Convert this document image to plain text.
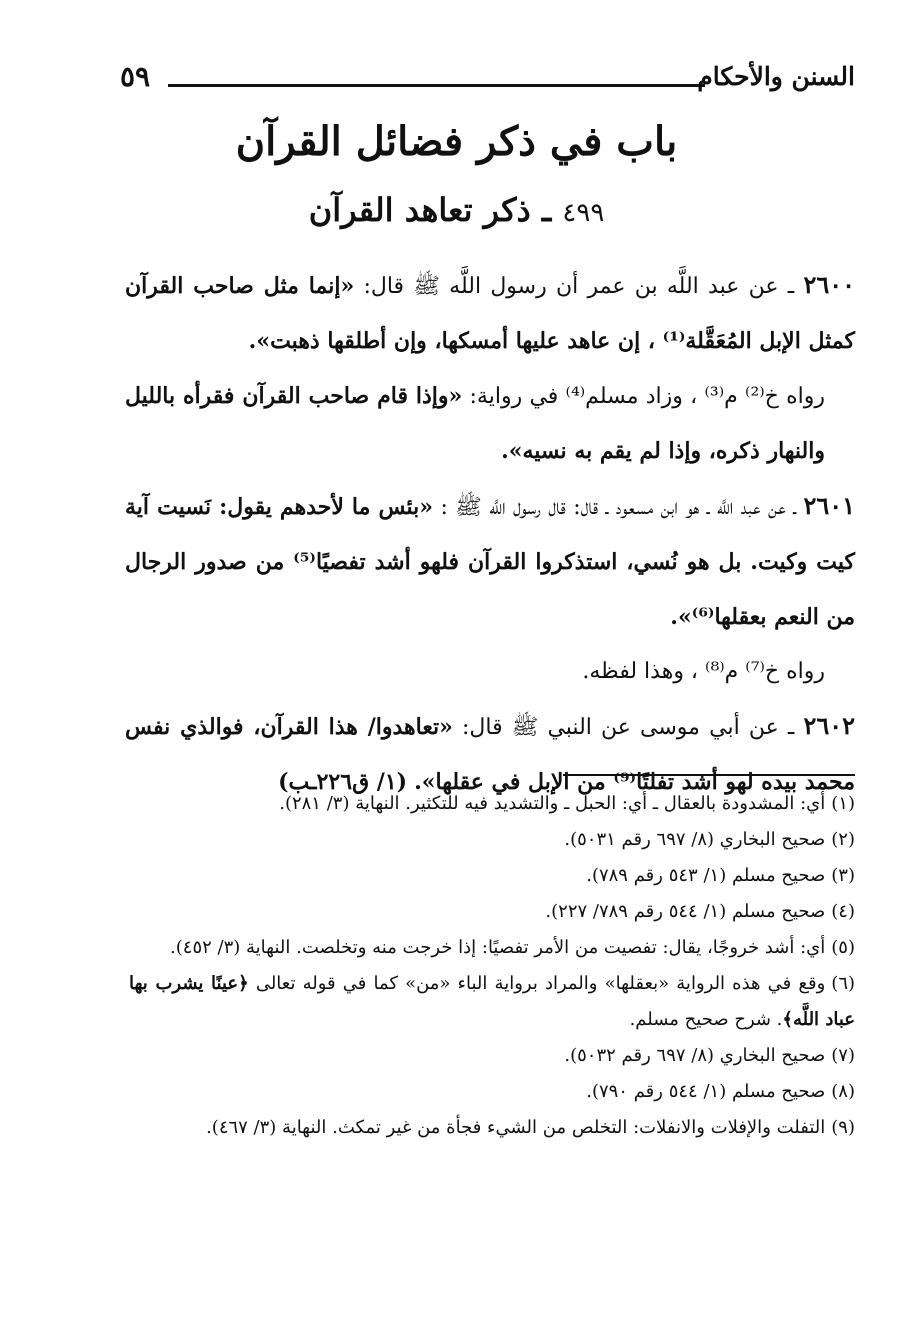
السنن والأحكام
٥٩
باب في ذكر فضائل القرآن
٤٩٩ ـ ذكر تعاهد القرآن

٢٦٠٠ ـ عن عبد اللَّه بن عمر أن رسول اللَّه ﷺ قال: «إنما مثل صاحب القرآن كمثل الإبل المُعَقَّلة⁽¹⁾ ، إن عاهد عليها أمسكها، وإن أطلقها ذهبت».

رواه خ⁽²⁾ م⁽³⁾ ، وزاد مسلم⁽⁴⁾ في رواية: «وإذا قام صاحب القرآن فقرأه بالليل والنهار ذكره، وإذا لم يقم به نسيه».

٢٦٠١ ـ عن عبد اللَّه ـ هو ابن مسعود ـ قال: قال رسول اللَّه ﷺ : «بئس ما لأحدهم يقول: نَسيت آية كيت وكيت. بل هو نُسي، استذكروا القرآن فلهو أشد تفصيًا⁽⁵⁾ من صدور الرجال من النعم بعقلها⁽⁶⁾».

رواه خ⁽⁷⁾ م⁽⁸⁾ ، وهذا لفظه.

٢٦٠٢ ـ عن أبي موسى عن النبي ﷺ قال: «تعاهدوا/ هذا القرآن، فوالذي نفس محمد بيده لهو أشد تفلتًا⁽⁹⁾ من الإبل في عقلها». (١/ ق٢٢٦ـب)

(١)أي: المشدودة بالعقال ـ أي: الحبل ـ والتشديد فيه للتكثير. النهاية (٣/ ٢٨١).

(٢)صحيح البخاري (٨/ ٦٩٧ رقم ٥٠٣١).

(٣)صحيح مسلم (١/ ٥٤٣ رقم ٧٨٩).

(٤)صحيح مسلم (١/ ٥٤٤ رقم ٧٨٩/ ٢٢٧).

(٥)أي: أشد خروجًا، يقال: تفصيت من الأمر تفصيًا: إذا خرجت منه وتخلصت. النهاية (٣/ ٤٥٢).

(٦)وقع في هذه الرواية «بعقلها» والمراد برواية الباء «من» كما في قوله تعالى ﴿عينًا يشرب بها عباد اللَّه﴾. شرح صحيح مسلم.

(٧)صحيح البخاري (٨/ ٦٩٧ رقم ٥٠٣٢).

(٨)صحيح مسلم (١/ ٥٤٤ رقم ٧٩٠).

(٩)التفلت والإفلات والانفلات: التخلص من الشيء فجأة من غير تمكث. النهاية (٣/ ٤٦٧).
